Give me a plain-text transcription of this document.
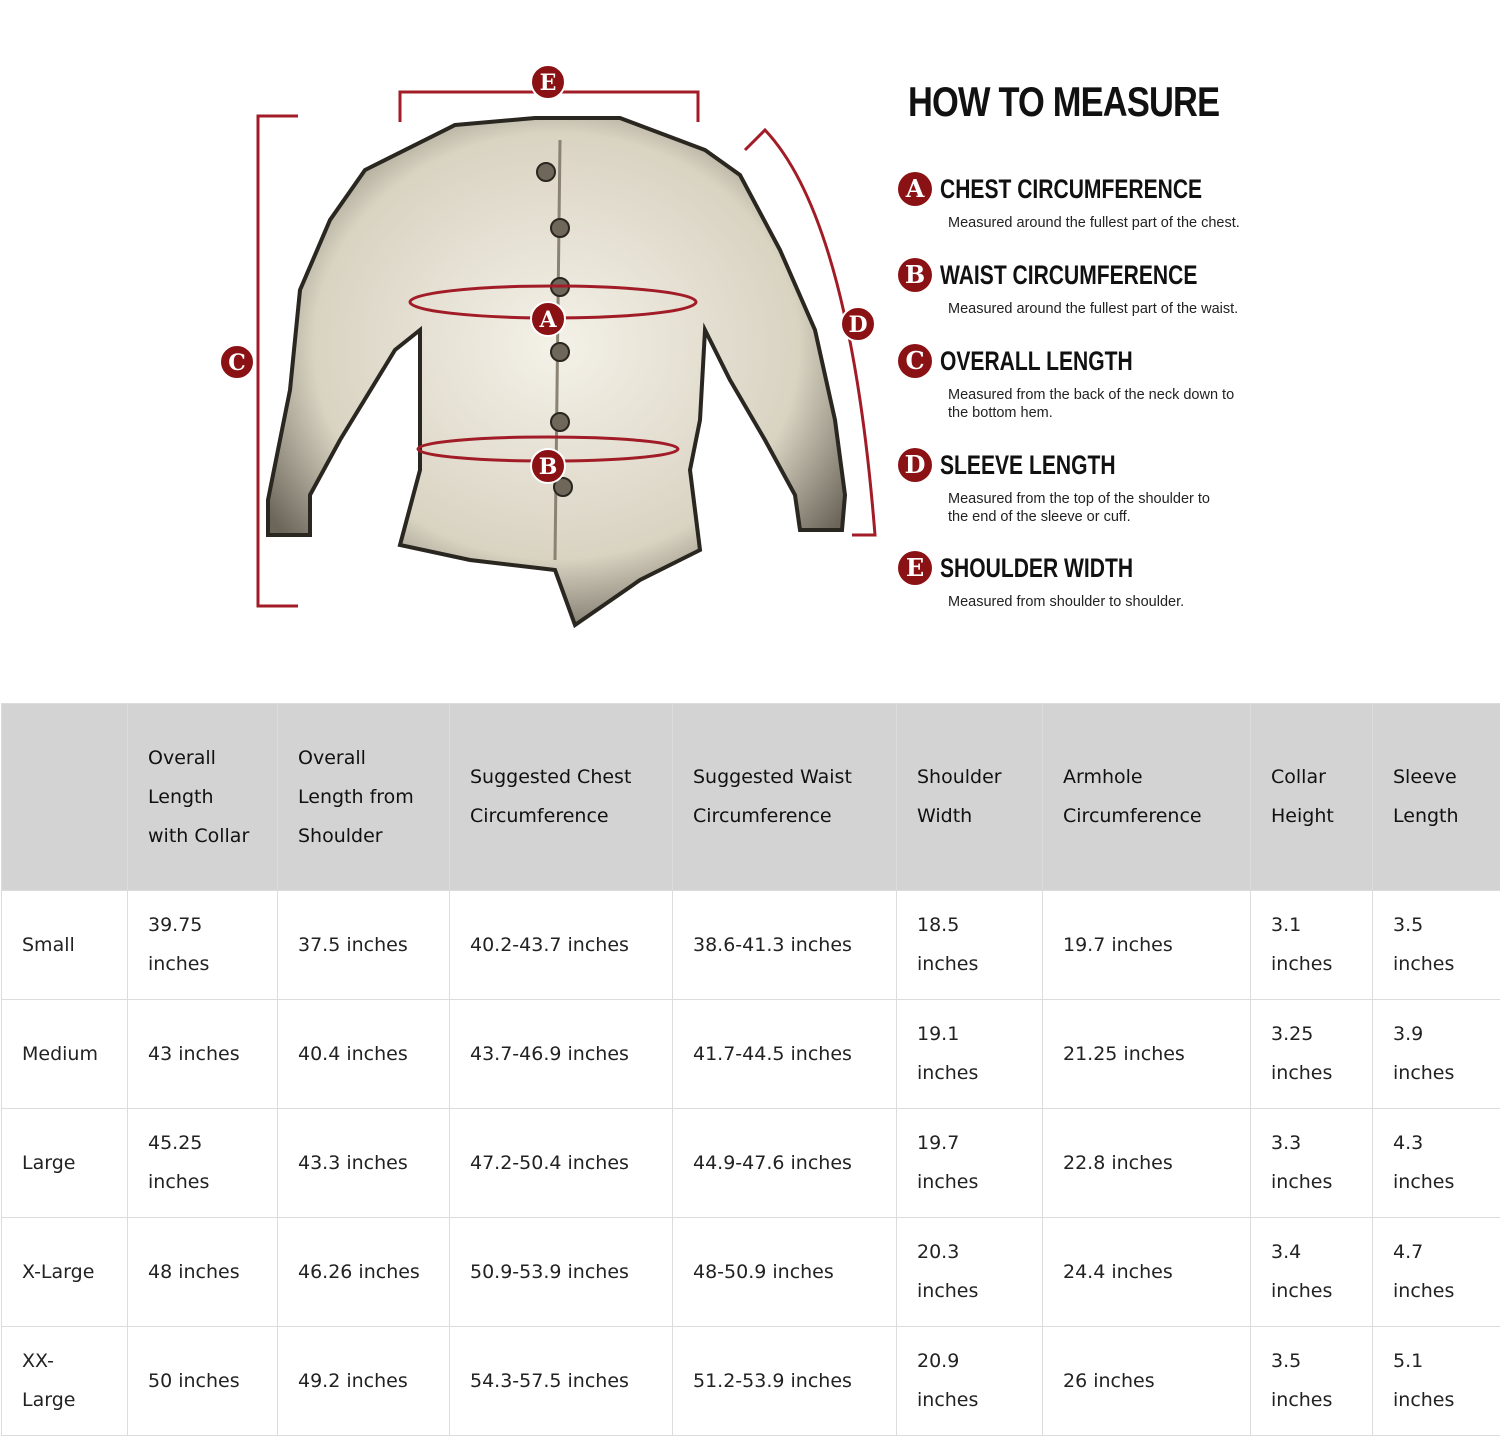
E
C
D
A
B
HOW TO MEASURE
A CHEST CIRCUMFERENCE
Measured around the fullest part of the chest.
B WAIST CIRCUMFERENCE
Measured around the fullest part of the waist.
C OVERALL LENGTH
Measured from the back of the neck down to the bottom hem.
D SLEEVE LENGTH
Measured from the top of the shoulder to the end of the sleeve or cuff.
E SHOULDER WIDTH
Measured from shoulder to shoulder.
	Overall Length with Collar	Overall Length from Shoulder	Suggested Chest Circumference	Suggested Waist Circumference	Shoulder Width	Armhole Circumference	Collar Height	Sleeve Length
Small	39.75 inches	37.5 inches	40.2-43.7 inches	38.6-41.3 inches	18.5 inches	19.7 inches	3.1 inches	3.5 inches
Medium	43 inches	40.4 inches	43.7-46.9 inches	41.7-44.5 inches	19.1 inches	21.25 inches	3.25 inches	3.9 inches
Large	45.25 inches	43.3 inches	47.2-50.4 inches	44.9-47.6 inches	19.7 inches	22.8 inches	3.3 inches	4.3 inches
X-Large	48 inches	46.26 inches	50.9-53.9 inches	48-50.9 inches	20.3 inches	24.4 inches	3.4 inches	4.7 inches
XX-Large	50 inches	49.2 inches	54.3-57.5 inches	51.2-53.9 inches	20.9 inches	26 inches	3.5 inches	5.1 inches
